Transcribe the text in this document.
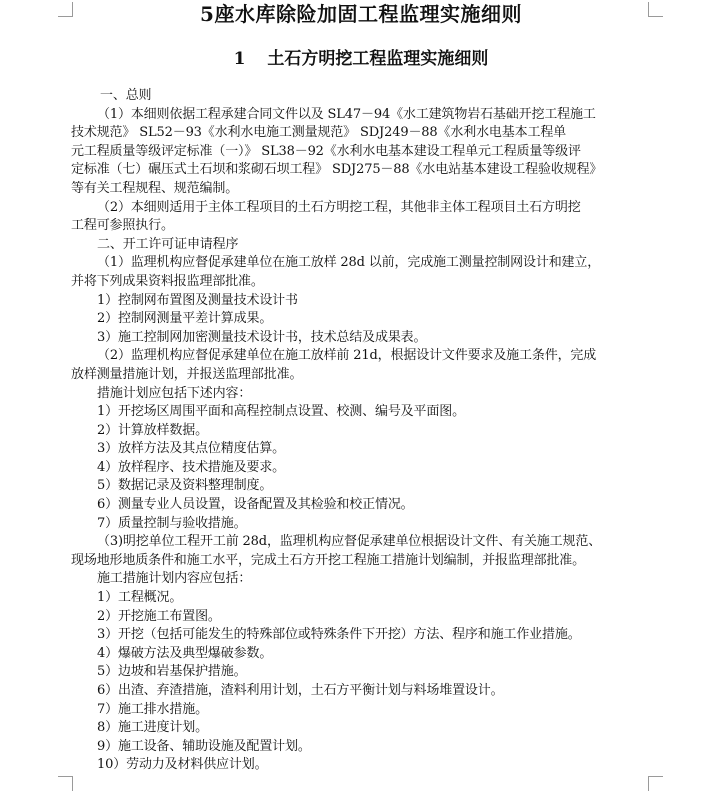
5座水库除险加固工程监理实施细则
1 土石方明挖工程监理实施细则

一、总则

（1）本细则依据工程承建合同文件以及 SL47－94《水工建筑物岩石基础开挖工程施工

技术规范》 SL52－93《水利水电施工测量规范》 SDJ249－88《水利水电基本工程单

元工程质量等级评定标准（一）》 SL38－92《水利水电基本建设工程单元工程质量等级评

定标准（七）碾压式土石坝和浆砌石坝工程》 SDJ275－88《水电站基本建设工程验收规程》

等有关工程规程、规范编制。

（2）本细则适用于主体工程项目的土石方明挖工程，其他非主体工程项目土石方明挖

工程可参照执行。

二、开工许可证申请程序

（1）监理机构应督促承建单位在施工放样 28d 以前，完成施工测量控制网设计和建立，

并将下列成果资料报监理部批准。

1）控制网布置图及测量技术设计书

2）控制网测量平差计算成果。

3）施工控制网加密测量技术设计书，技术总结及成果表。

（2）监理机构应督促承建单位在施工放样前 21d，根据设计文件要求及施工条件，完成

放样测量措施计划，并报送监理部批准。

措施计划应包括下述内容：

1）开挖场区周围平面和高程控制点设置、校测、编号及平面图。

2）计算放样数据。

3）放样方法及其点位精度估算。

4）放样程序、技术措施及要求。

5）数据记录及资料整理制度。

6）测量专业人员设置，设备配置及其检验和校正情况。

7）质量控制与验收措施。

（3)明挖单位工程开工前 28d，监理机构应督促承建单位根据设计文件、有关施工规范、

现场地形地质条件和施工水平，完成土石方开挖工程施工措施计划编制，并报监理部批准。

施工措施计划内容应包括：

1）工程概况。

2）开挖施工布置图。

3）开挖（包括可能发生的特殊部位或特殊条件下开挖）方法、程序和施工作业措施。

4）爆破方法及典型爆破参数。

5）边坡和岩基保护措施。

6）出渣、弃渣措施，渣料利用计划，土石方平衡计划与料场堆置设计。

7）施工排水措施。

8）施工进度计划。

9）施工设备、辅助设施及配置计划。

10）劳动力及材料供应计划。
